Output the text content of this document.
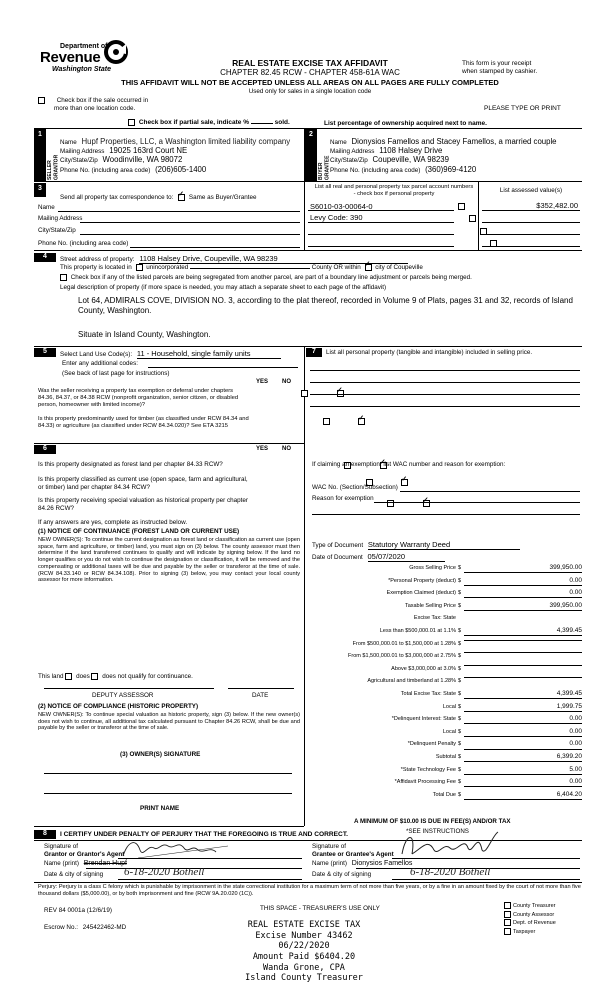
Department of
Revenue
Washington State
REAL ESTATE EXCISE TAX AFFIDAVIT
CHAPTER 82.45 RCW - CHAPTER 458-61A WAC
This form is your receipt
when stamped by cashier.
THIS AFFIDAVIT WILL NOT BE ACCEPTED UNLESS ALL AREAS ON ALL PAGES ARE FULLY COMPLETED
Used only for sales in a single location code
Check box if the sale occurred in
more than one location code.	PLEASE TYPE OR PRINT
Check box if partial sale, indicate %	sold.	List percentage of ownership acquired next to name.
1
SELLER GRANTOR
2
BUYER GRANTEE
Name Hupf Properties, LLC, a Washington limited liability company
Mailing Address 19025 163rd Court NE
City/State/Zip Woodinville, WA 98072
Phone No. (including area code) (206)605-1400
Name Dionysios Famellos and Stacey Famellos, a married couple
Mailing Address 1108 Halsey Drive
City/State/Zip Coupeville, WA 98239
Phone No. (including area code) (360)969-4120
3
Send all property tax correspondence to: ✓ Same as Buyer/Grantee
Name
Mailing Address
City/State/Zip
Phone No. (including area code)
List all real and personal property tax parcel account numbers - check box if personal property
List assessed value(s)
S6010-03-00064-0
	$352,482.00
Levy Code: 390

4	Street address of property: 1108 Halsey Drive, Coupeville, WA 98239
This property is located in unincorporated	County OR within ✓ city of Coupeville
Check box if any of the listed parcels are being segregated from another parcel, are part of a boundary line adjustment or parcels being merged.
Legal description of property (if more space is needed, you may attach a separate sheet to each page of the affidavit)
Lot 64, ADMIRALS COVE, DIVISION NO. 3, according to the plat thereof, recorded in Volume 9 of Plats, pages 31 and 32, records of Island County, Washington.
Situate in Island County, Washington.
5	Select Land Use Code(s): 11 - Household, single family units
Enter any additional codes:
(See back of last page for instructions)
YES NO
Was the seller receiving a property tax exemption or deferral under chapters 84.36, 84.37, or 84.38 RCW (nonprofit organization, senior citizen, or disabled person, homeowner with limited income)?
✓
Is this property predominantly used for timber (as classified under RCW 84.34 and 84.33) or agriculture (as classified under RCW 84.34.020)? See ETA 3215
✓
7	List all personal property (tangible and intangible) included in selling price.
6	YES NO
Is this property designated as forest land per chapter 84.33 RCW?
✓
Is this property classified as current use (open space, farm and agricultural, or timber) land per chapter 84.34 RCW?
✓
Is this property receiving special valuation as historical property per chapter 84.26 RCW?
✓
If any answers are yes, complete as instructed below.
(1) NOTICE OF CONTINUANCE (FOREST LAND OR CURRENT USE)
NEW OWNER(S): To continue the current designation as forest land or classification as current use (open space, farm and agriculture, or timber) land, you must sign on (3) below. The county assessor must then determine if the land transferred continues to qualify and will indicate by signing below. If the land no longer qualifies or you do not wish to continue the designation or classification, it will be removed and the compensating or additional taxes will be due and payable by the seller or transferor at the time of sale. (RCW 84.33.140 or RCW 84.34.108). Prior to signing (3) below, you may contact your local county assessor for more information.
This land does does not qualify for continuance.
DEPUTY ASSESSOR	DATE
(2) NOTICE OF COMPLIANCE (HISTORIC PROPERTY)
NEW OWNER(S): To continue special valuation as historic property, sign (3) below. If the new owner(s) does not wish to continue, all additional tax calculated pursuant to Chapter 84.26 RCW, shall be due and payable by the seller or transferor at the time of sale.
(3) OWNER(S) SIGNATURE
PRINT NAME
If claiming an exemption, list WAC number and reason for exemption:
WAC No. (Section/Subsection)
Reason for exemption
Type of Document Statutory Warranty Deed
Date of Document 05/07/2020
Gross Selling Price $	399,950.00
*Personal Property (deduct) $	0.00
Exemption Claimed (deduct) $	0.00
Taxable Selling Price $	399,950.00
Excise Tax: State
Less than $500,000.01 at 1.1% $	4,399.45
From $500,000.01 to $1,500,000 at 1.28% $
From $1,500,000.01 to $3,000,000 at 2.75% $
Above $3,000,000 at 3.0% $
Agricultural and timberland at 1.28% $
Total Excise Tax: State $	4,399.45
Local $	1,999.75
*Delinquent Interest: State $	0.00
Local $	0.00
*Delinquent Penalty $	0.00
Subtotal $	6,399.20
*State Technology Fee $	5.00
*Affidavit Processing Fee $	0.00
Total Due $	6,404.20
A MINIMUM OF $10.00 IS DUE IN FEE(S) AND/OR TAX
*SEE INSTRUCTIONS
8	I CERTIFY UNDER PENALTY OF PERJURY THAT THE FOREGOING IS TRUE AND CORRECT.
Signature of
Grantor or Grantor's Agent
Name (print) Brendan Hupf
Date & city of signing 6-18-2020 Bothell
Signature of
Grantee or Grantee's Agent
Name (print) Dionysios Famellos
Date & city of signing	6-18-2020 Bothell
Perjury: Perjury is a class C felony which is punishable by imprisonment in the state correctional institution for a maximum term of not more than five years, or by a fine in an amount fixed by the court of not more than five thousand dollars ($5,000.00), or by both imprisonment and fine (RCW 9A.20.020 (1C)).
REV 84 0001a (12/6/19)	THIS SPACE - TREASURER'S USE ONLY
Escrow No.: 245422462-MD
County Treasurer
County Assessor
Dept. of Revenue
Taxpayer
REAL ESTATE EXCISE TAX
Excise Number 43462
06/22/2020
Amount Paid $6404.20
Wanda Grone, CPA
Island County Treasurer
